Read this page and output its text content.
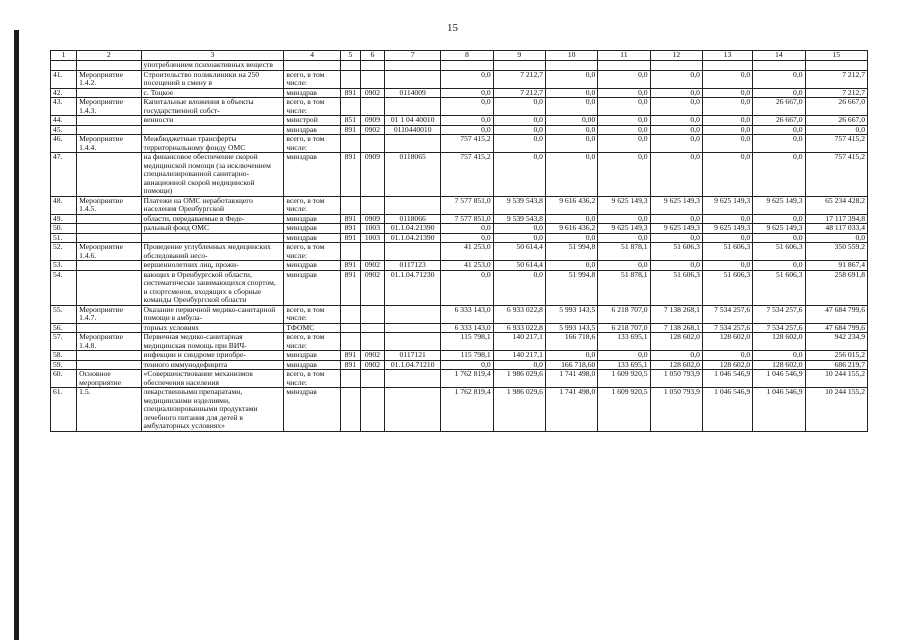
15
1	2	3	4	5	6	7	8	9	10	11	12	13	14	15
		употреблением психоактивных веществ												
41.	Мероприятие 1.4.2.	Строительство поликлиники на 250 посещений в смену в	всего, в том числе:				0,0	7 212,7	0,0	0,0	0,0	0,0	0,0	7 212,7
42.		с. Тоцкое	минздрав	891	0902	0114009	0,0	7 212,7	0,0	0,0	0,0	0,0	0,0	7 212,7
43.	Мероприятие 1.4.3.	Капитальные вложения в объекты государственной собст-	всего, в том числе:				0,0	0,0	0,0	0,0	0,0	0,0	26 667,0	26 667,0
44.		венности	минстрой	851	0909	01 1 04 40010	0,0	0,0	0,00	0,0	0,0	0,0	26 667,0	26 667,0
45.			минздрав	891	0902	0110440010	0,0	0,0	0,0	0,0	0,0	0,0	0,0	0,0
46.	Мероприятие 1.4.4.	Межбюджетные трансферты территориальному фонду ОМС	всего, в том числе:				757 415,2	0,0	0,0	0,0	0,0	0,0	0,0	757 415,2
47.		на финансовое обеспечение скорой медицинской помощи (за исключением специализированной санитарно-авиационной скорой медицинской помощи)	минздрав	891	0909	0118065	757 415,2	0,0	0,0	0,0	0,0	0,0	0,0	757 415,2
48.	Мероприятие 1.4.5.	Платежи на ОМС неработающего населения Оренбургской	всего, в том числе:				7 577 851,0	9 539 543,8	9 616 436,2	9 625 149,3	9 625 149,3	9 625 149,3	9 625 149,3	65 234 428,2
49.		области, передаваемые в Феде-	минздрав	891	0909	0118066	7 577 851,0	9 539 543,8	0,0	0,0	0,0	0,0	0,0	17 117 394,8
50.		ральный фонд ОМС	минздрав	891	1003	01.1.04.21390	0,0	0,0	9 616 436,2	9 625 149,3	9 625 149,3	9 625 149,3	9 625 149,3	48 117 033,4
51.			минздрав	891	1003	01.1.04.21390	0,0	0,0	0,0	0,0	0,0	0,0	0,0	0,0
52.	Мероприятие 1.4.6.	Проведение углубленных медицинских обследований несо-	всего, в том числе:				41 253,0	50 614,4	51 994,8	51 878,1	51 606,3	51 606,3	51 606,3	350 559,2
53.		вершеннолетних лиц, прожи-	минздрав	891	0902	0117123	41 253,0	50 614,4	0,0	0,0	0,0	0,0	0,0	91 867,4
54.		вающих в Оренбургской области, систематически занимающихся спортом, и спортсменов, входящих в сборные команды Оренбургской области	минздрав	891	0902	01.1.04.71230	0,0	0,0	51 994,8	51 878,1	51 606,3	51 606,3	51 606,3	258 691,8
55.	Мероприятие 1.4.7.	Оказание первичной медико-санитарной помощи в амбула-	всего, в том числе:				6 333 143,0	6 933 022,8	5 993 143,5	6 218 707,0	7 138 268,1	7 534 257,6	7 534 257,6	47 684 799,6
56.		торных условиях	ТФОМС				6 333 143,0	6 933 022,8	5 993 143,5	6 218 707,0	7 138 268,1	7 534 257,6	7 534 257,6	47 684 799,6
57.	Мероприятие 1.4.8.	Первичная медико-санитарная медицинская помощь при ВИЧ-	всего, в том числе:				115 798,1	140 217,1	166 718,6	133 695,1	128 602,0	128 602,0	128 602,0	942 234,9
58.		инфекции и синдроме приобре-	минздрав	891	0902	0117121	115 798,1	140 217,1	0,0	0,0	0,0	0,0	0,0	256 015,2
59.		тенного иммунодефицита	минздрав	891	0902	01.1.04.71210	0,0	0,0	166 718,60	133 695,1	128 602,0	128 602,0	128 602,0	686 219,7
60.	Основное мероприятие	«Совершенствование механизмов обеспечения населения	всего, в том числе:				1 762 819,4	1 986 029,6	1 741 498,0	1 609 920,5	1 050 793,9	1 046 546,9	1 046 546,9	10 244 155,2
61.	1.5.	лекарственными препаратами, медицинскими изделиями, специализированными продуктами лечебного питания для детей в амбулаторных условиях»	минздрав				1 762 819,4	1 986 029,6	1 741 498,0	1 609 920,5	1 050 793,9	1 046 546,9	1 046 546,9	10 244 155,2
